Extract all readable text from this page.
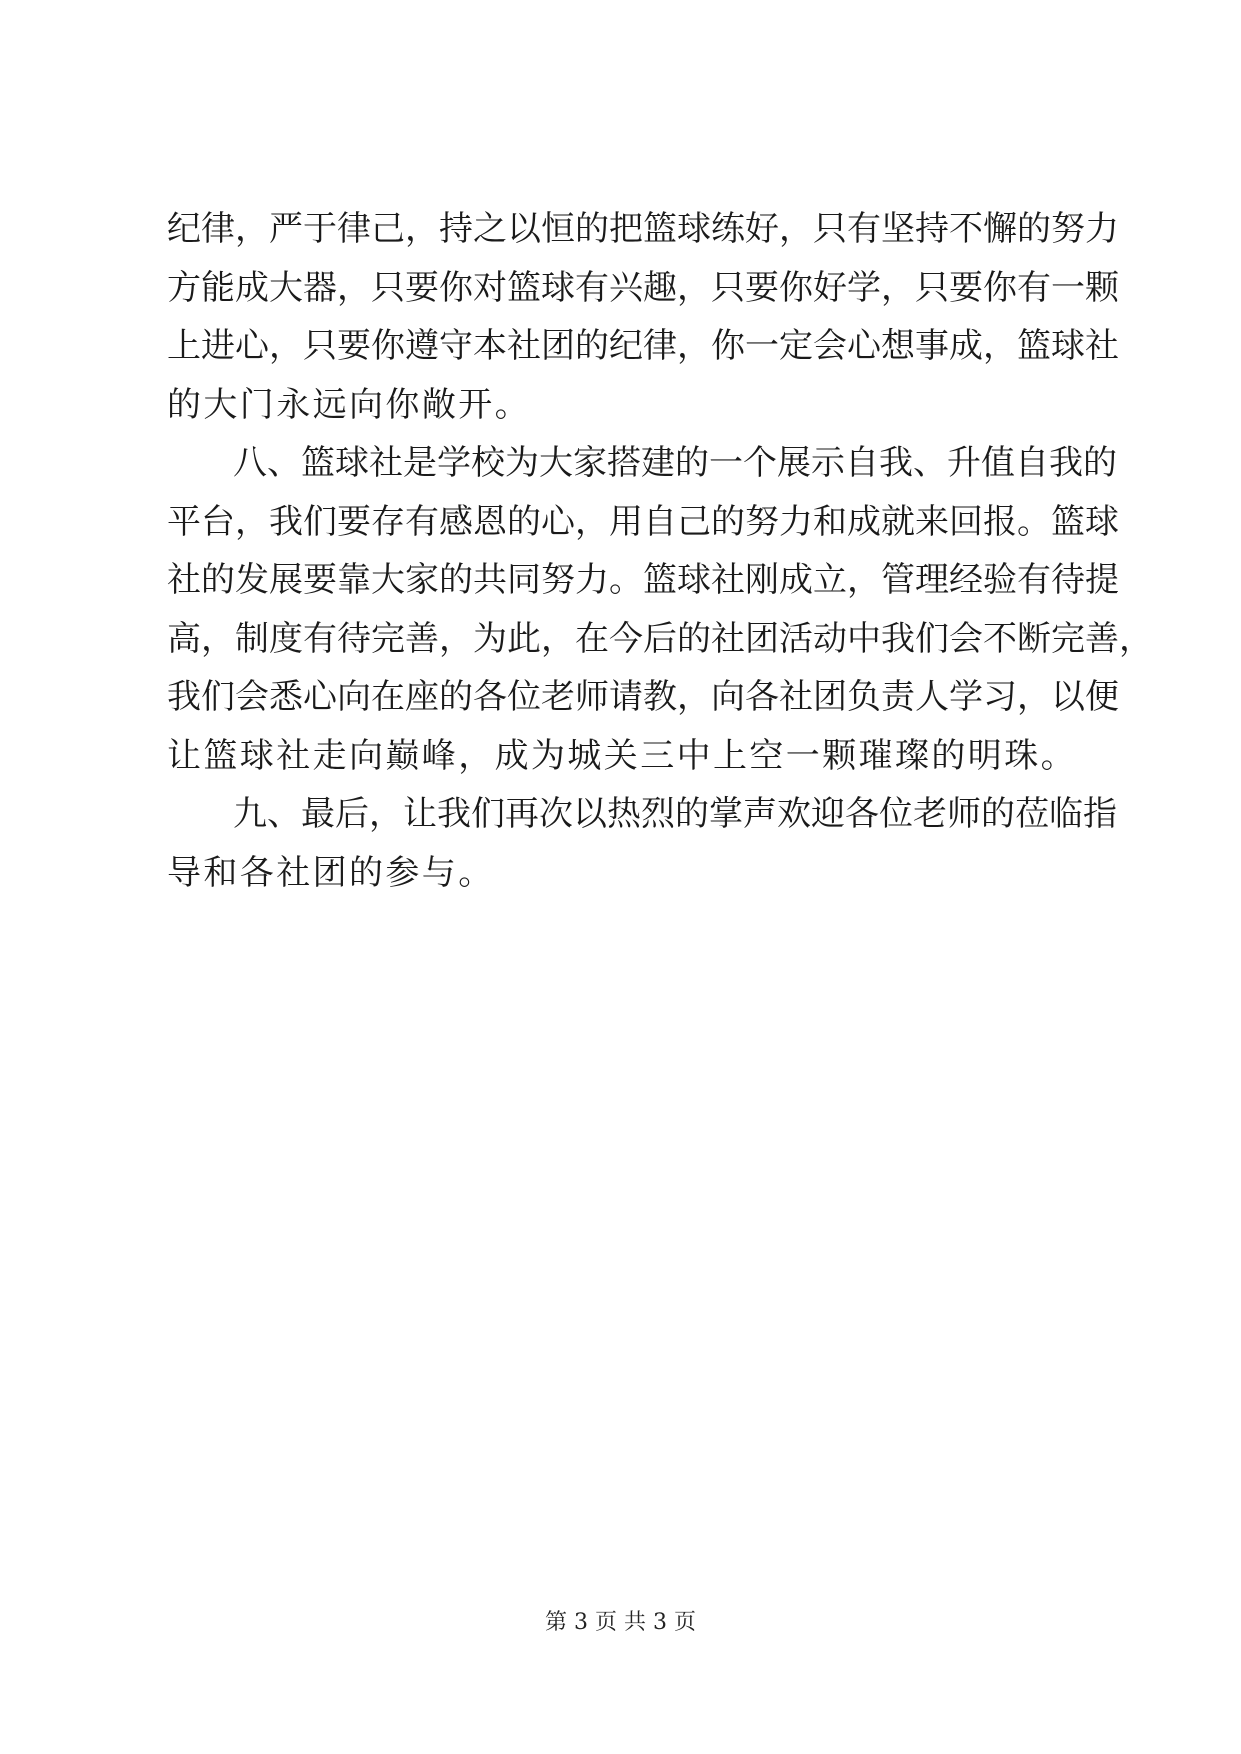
纪律，严于律己，持之以恒的把篮球练好，只有坚持不懈的努力
方能成大器，只要你对篮球有兴趣，只要你好学，只要你有一颗
上进心，只要你遵守本社团的纪律，你一定会心想事成，篮球社
的大门永远向你敞开。
八、篮球社是学校为大家搭建的一个展示自我、升值自我的
平台，我们要存有感恩的心，用自己的努力和成就来回报。篮球
社的发展要靠大家的共同努力。篮球社刚成立，管理经验有待提
高，制度有待完善，为此，在今后的社团活动中我们会不断完善，
我们会悉心向在座的各位老师请教，向各社团负责人学习，以便
让篮球社走向巅峰，成为城关三中上空一颗璀璨的明珠。
九、最后，让我们再次以热烈的掌声欢迎各位老师的莅临指
导和各社团的参与。
第 3 页 共 3 页
